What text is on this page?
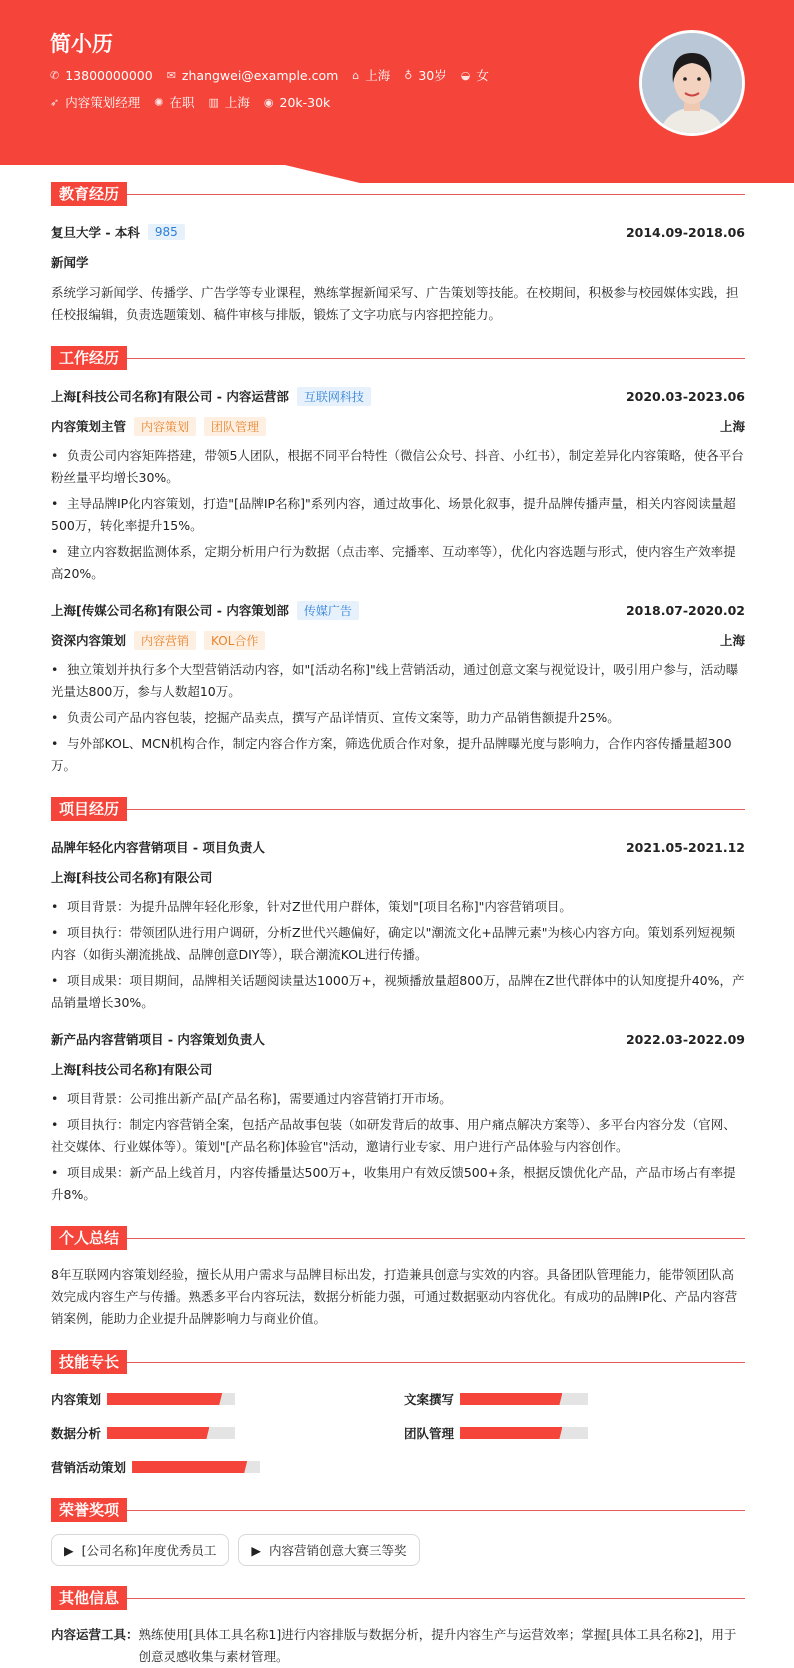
简小历
✆ 13800000000 ✉ zhangwei@example.com ⌂ 上海 ♁ 30岁 ◒ 女
➶ 内容策划经理 ✺ 在职 ▥ 上海 ◉ 20k-30k
教育经历
复旦大学 - 本科	985	2014.09-2018.06
新闻学
系统学习新闻学、传播学、广告学等专业课程，熟练掌握新闻采写、广告策划等技能。在校期间，积极参与校园媒体实践，担任校报编辑，负责选题策划、稿件审核与排版，锻炼了文字功底与内容把控能力。
工作经历
上海[科技公司名称]有限公司 - 内容运营部	互联网科技	2020.03-2023.06
内容策划主管	内容策划	团队管理	上海
• 负责公司内容矩阵搭建，带领5人团队，根据不同平台特性（微信公众号、抖音、小红书），制定差异化内容策略，使各平台粉丝量平均增长30%。
• 主导品牌IP化内容策划，打造"[品牌IP名称]"系列内容，通过故事化、场景化叙事，提升品牌传播声量，相关内容阅读量超500万，转化率提升15%。
• 建立内容数据监测体系，定期分析用户行为数据（点击率、完播率、互动率等），优化内容选题与形式，使内容生产效率提高20%。
上海[传媒公司名称]有限公司 - 内容策划部	传媒广告	2018.07-2020.02
资深内容策划	内容营销	KOL合作	上海
• 独立策划并执行多个大型营销活动内容，如"[活动名称]"线上营销活动，通过创意文案与视觉设计，吸引用户参与，活动曝光量达800万，参与人数超10万。
• 负责公司产品内容包装，挖掘产品卖点，撰写产品详情页、宣传文案等，助力产品销售额提升25%。
• 与外部KOL、MCN机构合作，制定内容合作方案，筛选优质合作对象，提升品牌曝光度与影响力，合作内容传播量超300万。
项目经历
品牌年轻化内容营销项目 - 项目负责人	2021.05-2021.12
上海[科技公司名称]有限公司
• 项目背景：为提升品牌年轻化形象，针对Z世代用户群体，策划"[项目名称]"内容营销项目。
• 项目执行：带领团队进行用户调研，分析Z世代兴趣偏好，确定以"潮流文化+品牌元素"为核心内容方向。策划系列短视频内容（如街头潮流挑战、品牌创意DIY等），联合潮流KOL进行传播。
• 项目成果：项目期间，品牌相关话题阅读量达1000万+，视频播放量超800万，品牌在Z世代群体中的认知度提升40%，产品销量增长30%。
新产品内容营销项目 - 内容策划负责人	2022.03-2022.09
上海[科技公司名称]有限公司
• 项目背景：公司推出新产品[产品名称]，需要通过内容营销打开市场。
• 项目执行：制定内容营销全案，包括产品故事包装（如研发背后的故事、用户痛点解决方案等）、多平台内容分发（官网、社交媒体、行业媒体等）。策划"[产品名称]体验官"活动，邀请行业专家、用户进行产品体验与内容创作。
• 项目成果：新产品上线首月，内容传播量达500万+，收集用户有效反馈500+条，根据反馈优化产品，产品市场占有率提升8%。
个人总结
8年互联网内容策划经验，擅长从用户需求与品牌目标出发，打造兼具创意与实效的内容。具备团队管理能力，能带领团队高效完成内容生产与传播。熟悉多平台内容玩法，数据分析能力强，可通过数据驱动内容优化。有成功的品牌IP化、产品内容营销案例，能助力企业提升品牌影响力与商业价值。
技能专长
内容策划	文案撰写
数据分析	团队管理
营销活动策划
荣誉奖项
▶ [公司名称]年度优秀员工	▶ 内容营销创意大赛三等奖
其他信息
内容运营工具： 熟练使用[具体工具名称1]进行内容排版与数据分析，提升内容生产与运营效率；掌握[具体工具名称2]，用于创意灵感收集与素材管理。
